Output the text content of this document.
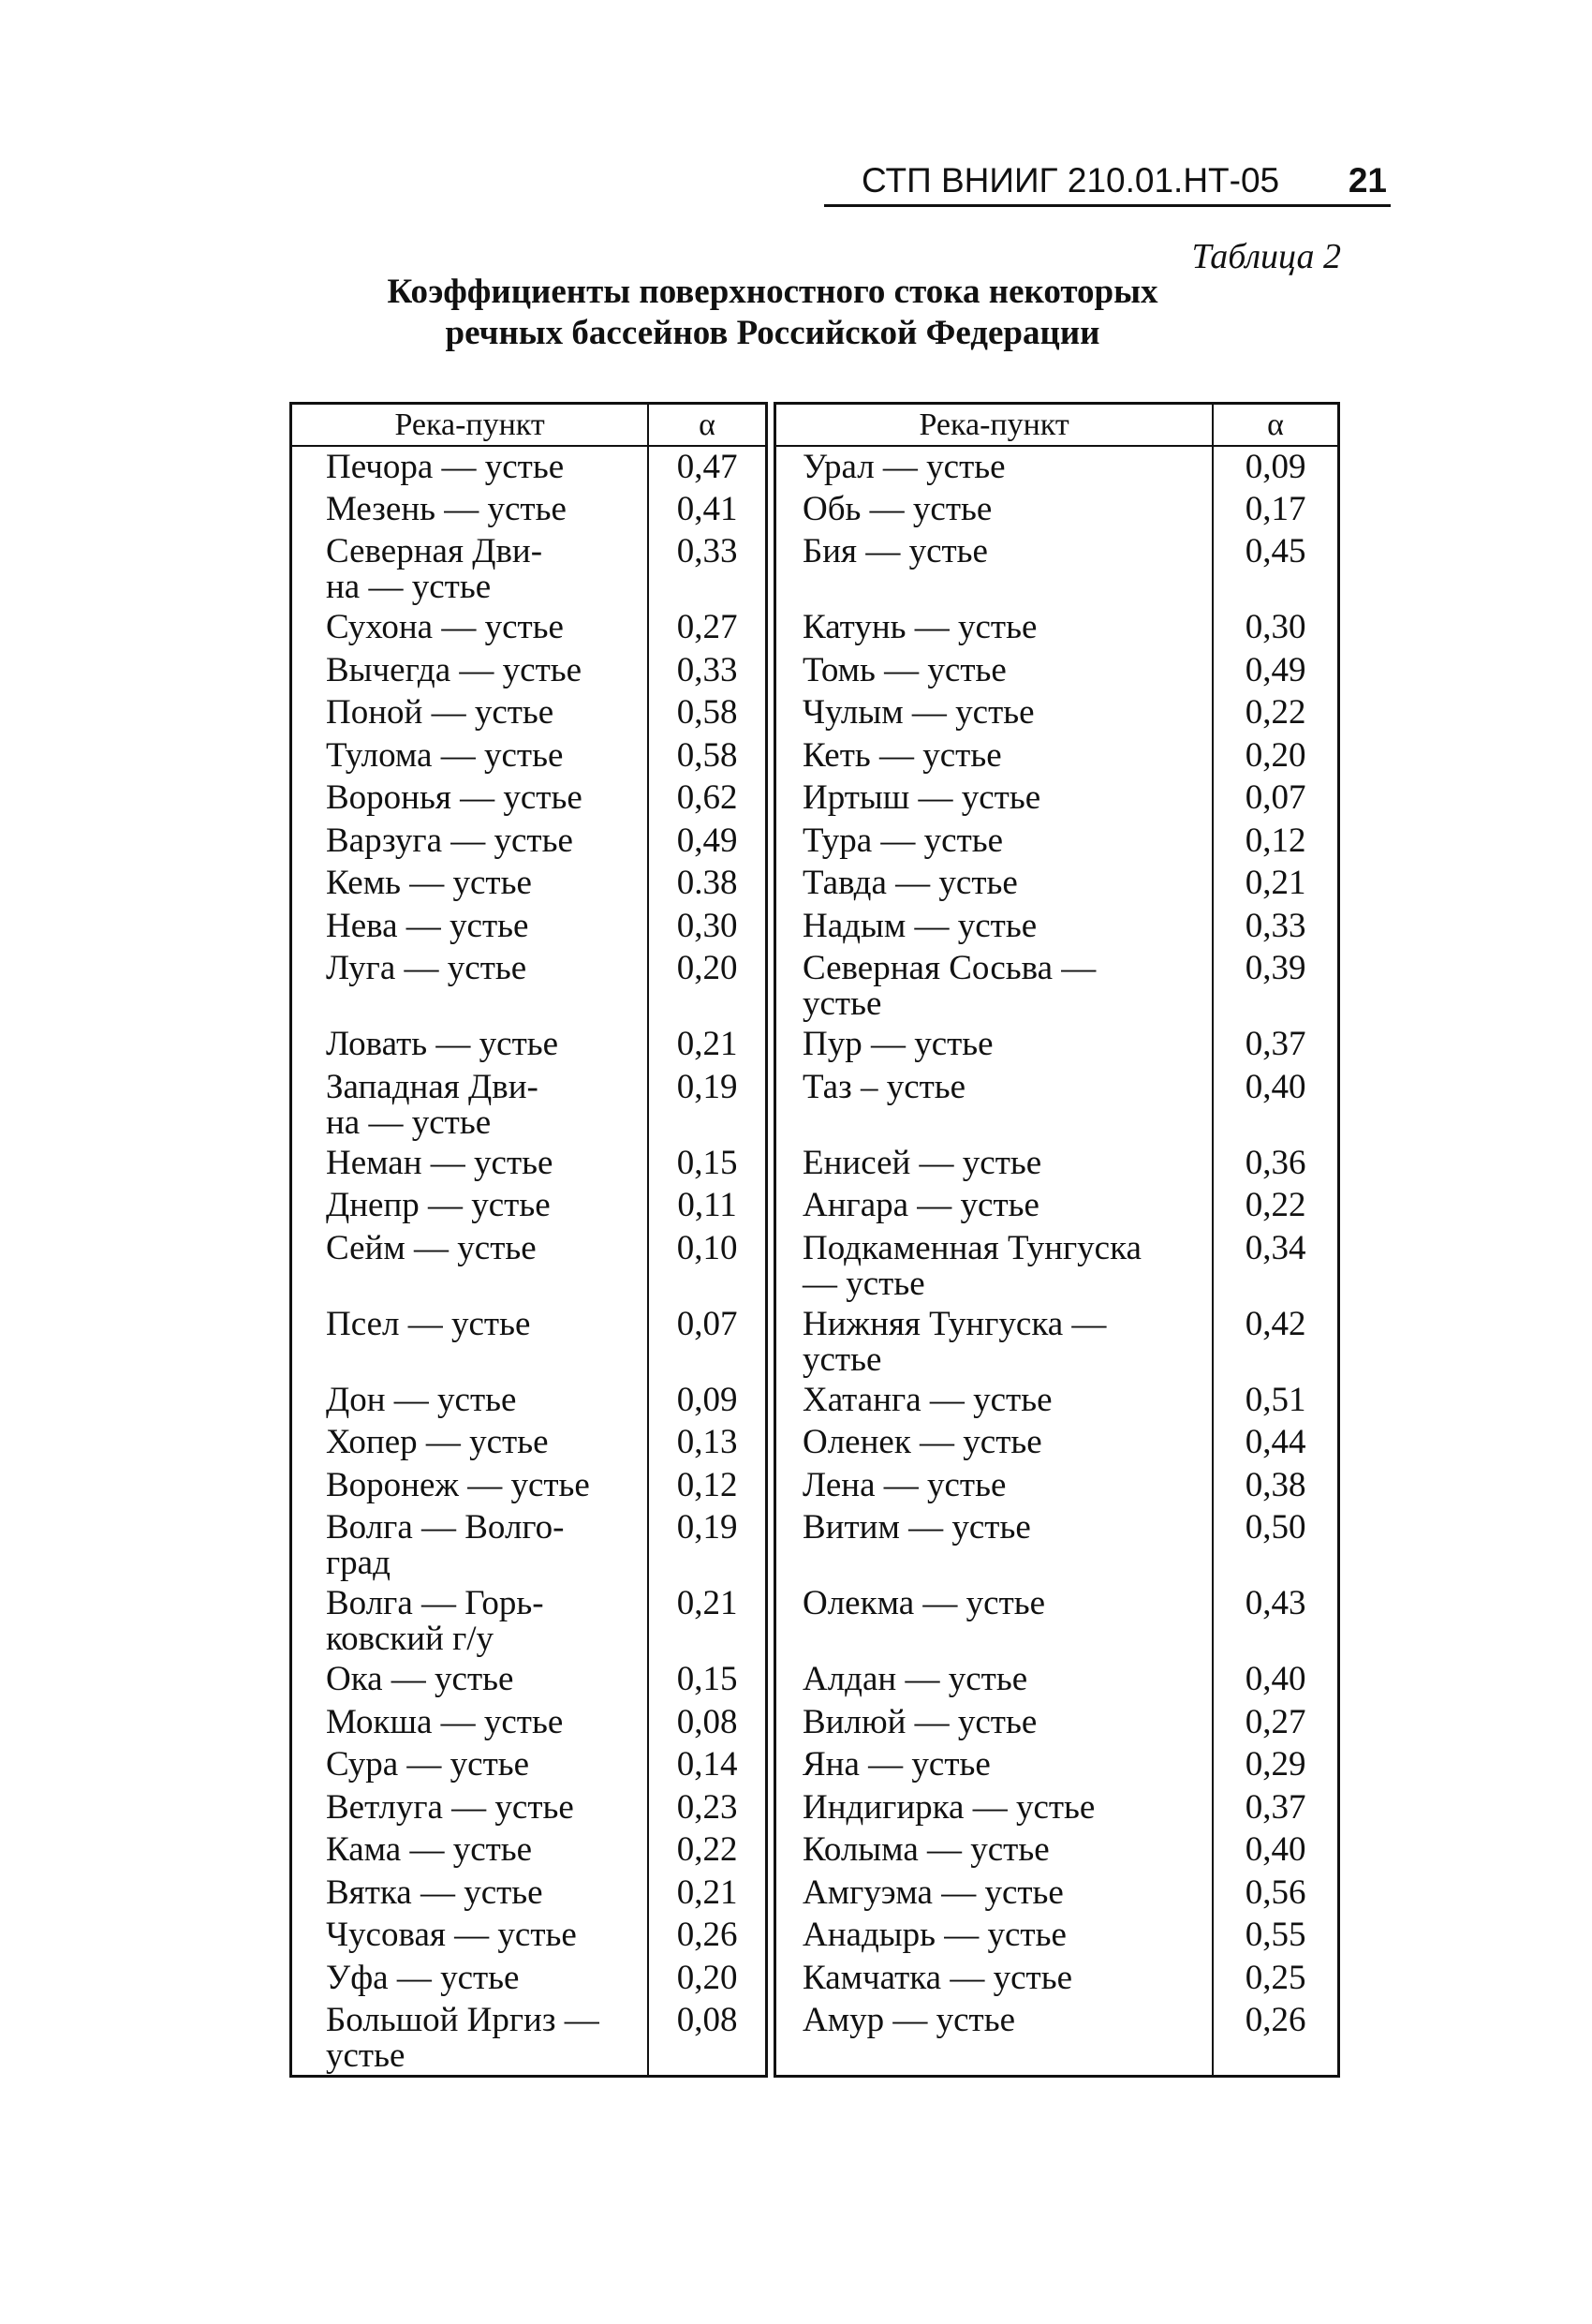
СТП ВНИИГ 210.01.НТ-05 21
Таблица 2
Коэффициенты поверхностного стока некоторых
речных бассейнов Российской Федерации
Река-пункт	α
Печора — устье	0,47
Мезень — устье	0,41
Северная Дви-
на — устье	0,33
Сухона — устье	0,27
Вычегда — устье	0,33
Поной — устье	0,58
Тулома — устье	0,58
Воронья — устье	0,62
Варзуга — устье	0,49
Кемь — устье	0.38
Нева — устье	0,30
Луга — устье	0,20
Ловать — устье	0,21
Западная Дви-
на — устье	0,19
Неман — устье	0,15
Днепр — устье	0,11
Сейм — устье	0,10
Псел — устье	0,07
Дон — устье	0,09
Хопер — устье	0,13
Воронеж — устье	0,12
Волга — Волго-
град	0,19
Волга — Горь-
ковский г/у	0,21
Ока — устье	0,15
Мокша — устье	0,08
Сура — устье	0,14
Ветлуга — устье	0,23
Кама — устье	0,22
Вятка — устье	0,21
Чусовая — устье	0,26
Уфа — устье	0,20
Большой Иргиз —
устье	0,08
Река-пункт	α
Урал — устье	0,09
Обь — устье	0,17
Бия — устье	0,45
Катунь — устье	0,30
Томь — устье	0,49
Чулым — устье	0,22
Кеть — устье	0,20
Иртыш — устье	0,07
Тура — устье	0,12
Тавда — устье	0,21
Надым — устье	0,33
Северная Сосьва —
устье	0,39
Пур — устье	0,37
Таз – устье	0,40
Енисей — устье	0,36
Ангара — устье	0,22
Подкаменная Тунгуска
— устье	0,34
Нижняя Тунгуска —
устье	0,42
Хатанга — устье	0,51
Оленек — устье	0,44
Лена — устье	0,38
Витим — устье	0,50
Олекма — устье	0,43
Алдан — устье	0,40
Вилюй — устье	0,27
Яна — устье	0,29
Индигирка — устье	0,37
Колыма — устье	0,40
Амгуэма — устье	0,56
Анадырь — устье	0,55
Камчатка — устье	0,25
Амур — устье	0,26
